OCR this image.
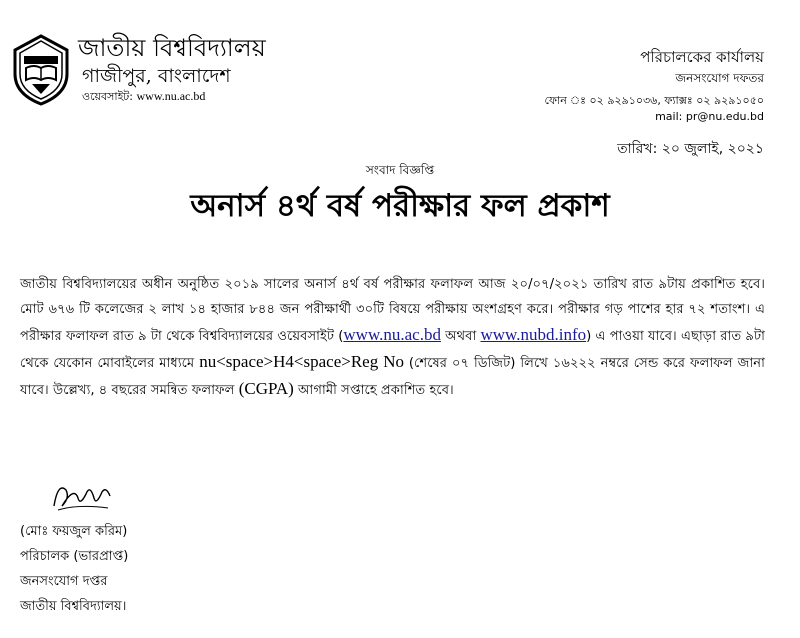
জাতীয় বিশ্ববিদ্যালয়
গাজীপুর, বাংলাদেশ
ওয়েবসাইট: www.nu.ac.bd
পরিচালকের কার্যালয়
জনসংযোগ দফতর
ফোন ঃ ০২ ৯২৯১০৩৬, ফ্যাক্সঃ ০২ ৯২৯১০৫০
mail: pr@nu.edu.bd
তারিখ: ২০ জুলাই, ২০২১
সংবাদ বিজ্ঞপ্তি
অনার্স ৪র্থ বর্ষ পরীক্ষার ফল প্রকাশ
জাতীয় বিশ্ববিদ্যালয়ের অধীন অনুষ্ঠিত ২০১৯ সালের অনার্স ৪র্থ বর্ষ পরীক্ষার ফলাফল আজ ২০/০৭/২০২১ তারিখ রাত ৯টায় প্রকাশিত হবে। মোট ৬৭৬ টি কলেজের ২ লাখ ১৪ হাজার ৮৪৪ জন পরীক্ষার্থী ৩০টি বিষয়ে পরীক্ষায় অংশগ্রহণ করে। পরীক্ষার গড় পাশের হার ৭২ শতাংশ। এ পরীক্ষার ফলাফল রাত ৯ টা থেকে বিশ্ববিদ্যালয়ের ওয়েবসাইট (www.nu.ac.bd অথবা www.nubd.info) এ পাওয়া যাবে। এছাড়া রাত ৯টা থেকে যেকোন মোবাইলের মাধ্যমে nu<space>H4<space>Reg No (শেষের ০৭ ডিজিট) লিখে ১৬২২২ নম্বরে সেন্ড করে ফলাফল জানা যাবে। উল্লেখ্য, ৪ বছরের সমন্বিত ফলাফল (CGPA) আগামী সপ্তাহে প্রকাশিত হবে।
(মোঃ ফয়জুল করিম)
পরিচালক (ভারপ্রাপ্ত)
জনসংযোগ দপ্তর
জাতীয় বিশ্ববিদ্যালয়।
